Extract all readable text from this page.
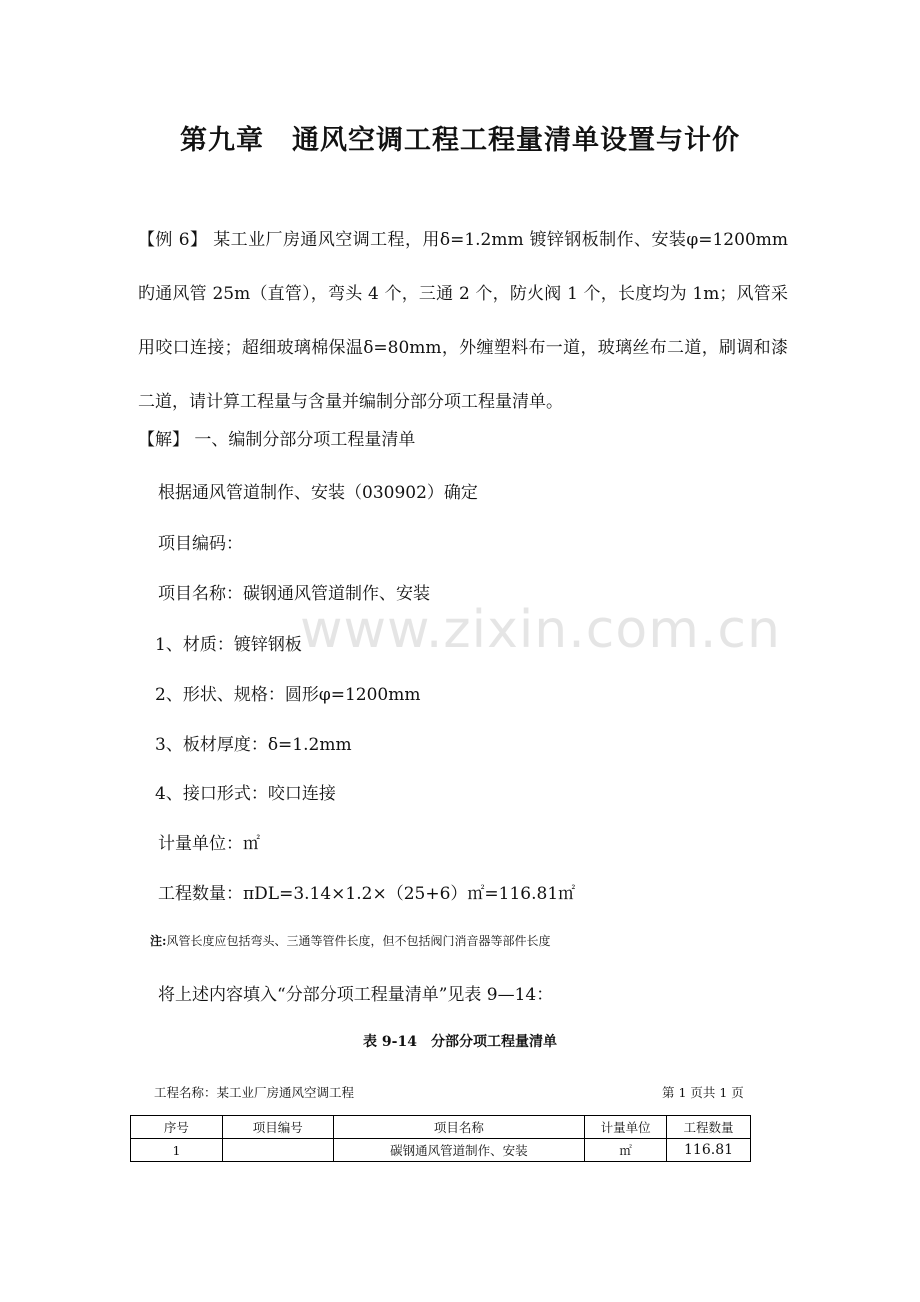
第九章　通风空调工程工程量清单设置与计价
【例 6】 某工业厂房通风空调工程，用δ=1.2mm 镀锌钢板制作、安装φ=1200mm 旳通风管 25m（直管），弯头 4 个，三通 2 个，防火阀 1 个，长度均为 1m；风管采用咬口连接；超细玻璃棉保温δ=80mm，外缠塑料布一道，玻璃丝布二道，刷调和漆二道，请计算工程量与含量并编制分部分项工程量清单。
【解】 一、编制分部分项工程量清单
根据通风管道制作、安装（030902）确定
项目编码：
项目名称：碳钢通风管道制作、安装
1、材质：镀锌钢板
2、形状、规格：圆形φ=1200mm
3、板材厚度：δ=1.2mm
4、接口形式：咬口连接
计量单位：㎡
工程数量：πDL=3.14×1.2×（25+6）㎡=116.81㎡
注:风管长度应包括弯头、三通等管件长度，但不包括阀门消音器等部件长度
将上述内容填入“分部分项工程量清单”见表 9—14：
表 9-14　分部分项工程量清单
工程名称：某工业厂房通风空调工程	第 1 页共 1 页
序号	项目编号	项目名称	计量单位	工程数量
1		碳钢通风管道制作、安装	㎡	116.81
www.zixin.com.cn
